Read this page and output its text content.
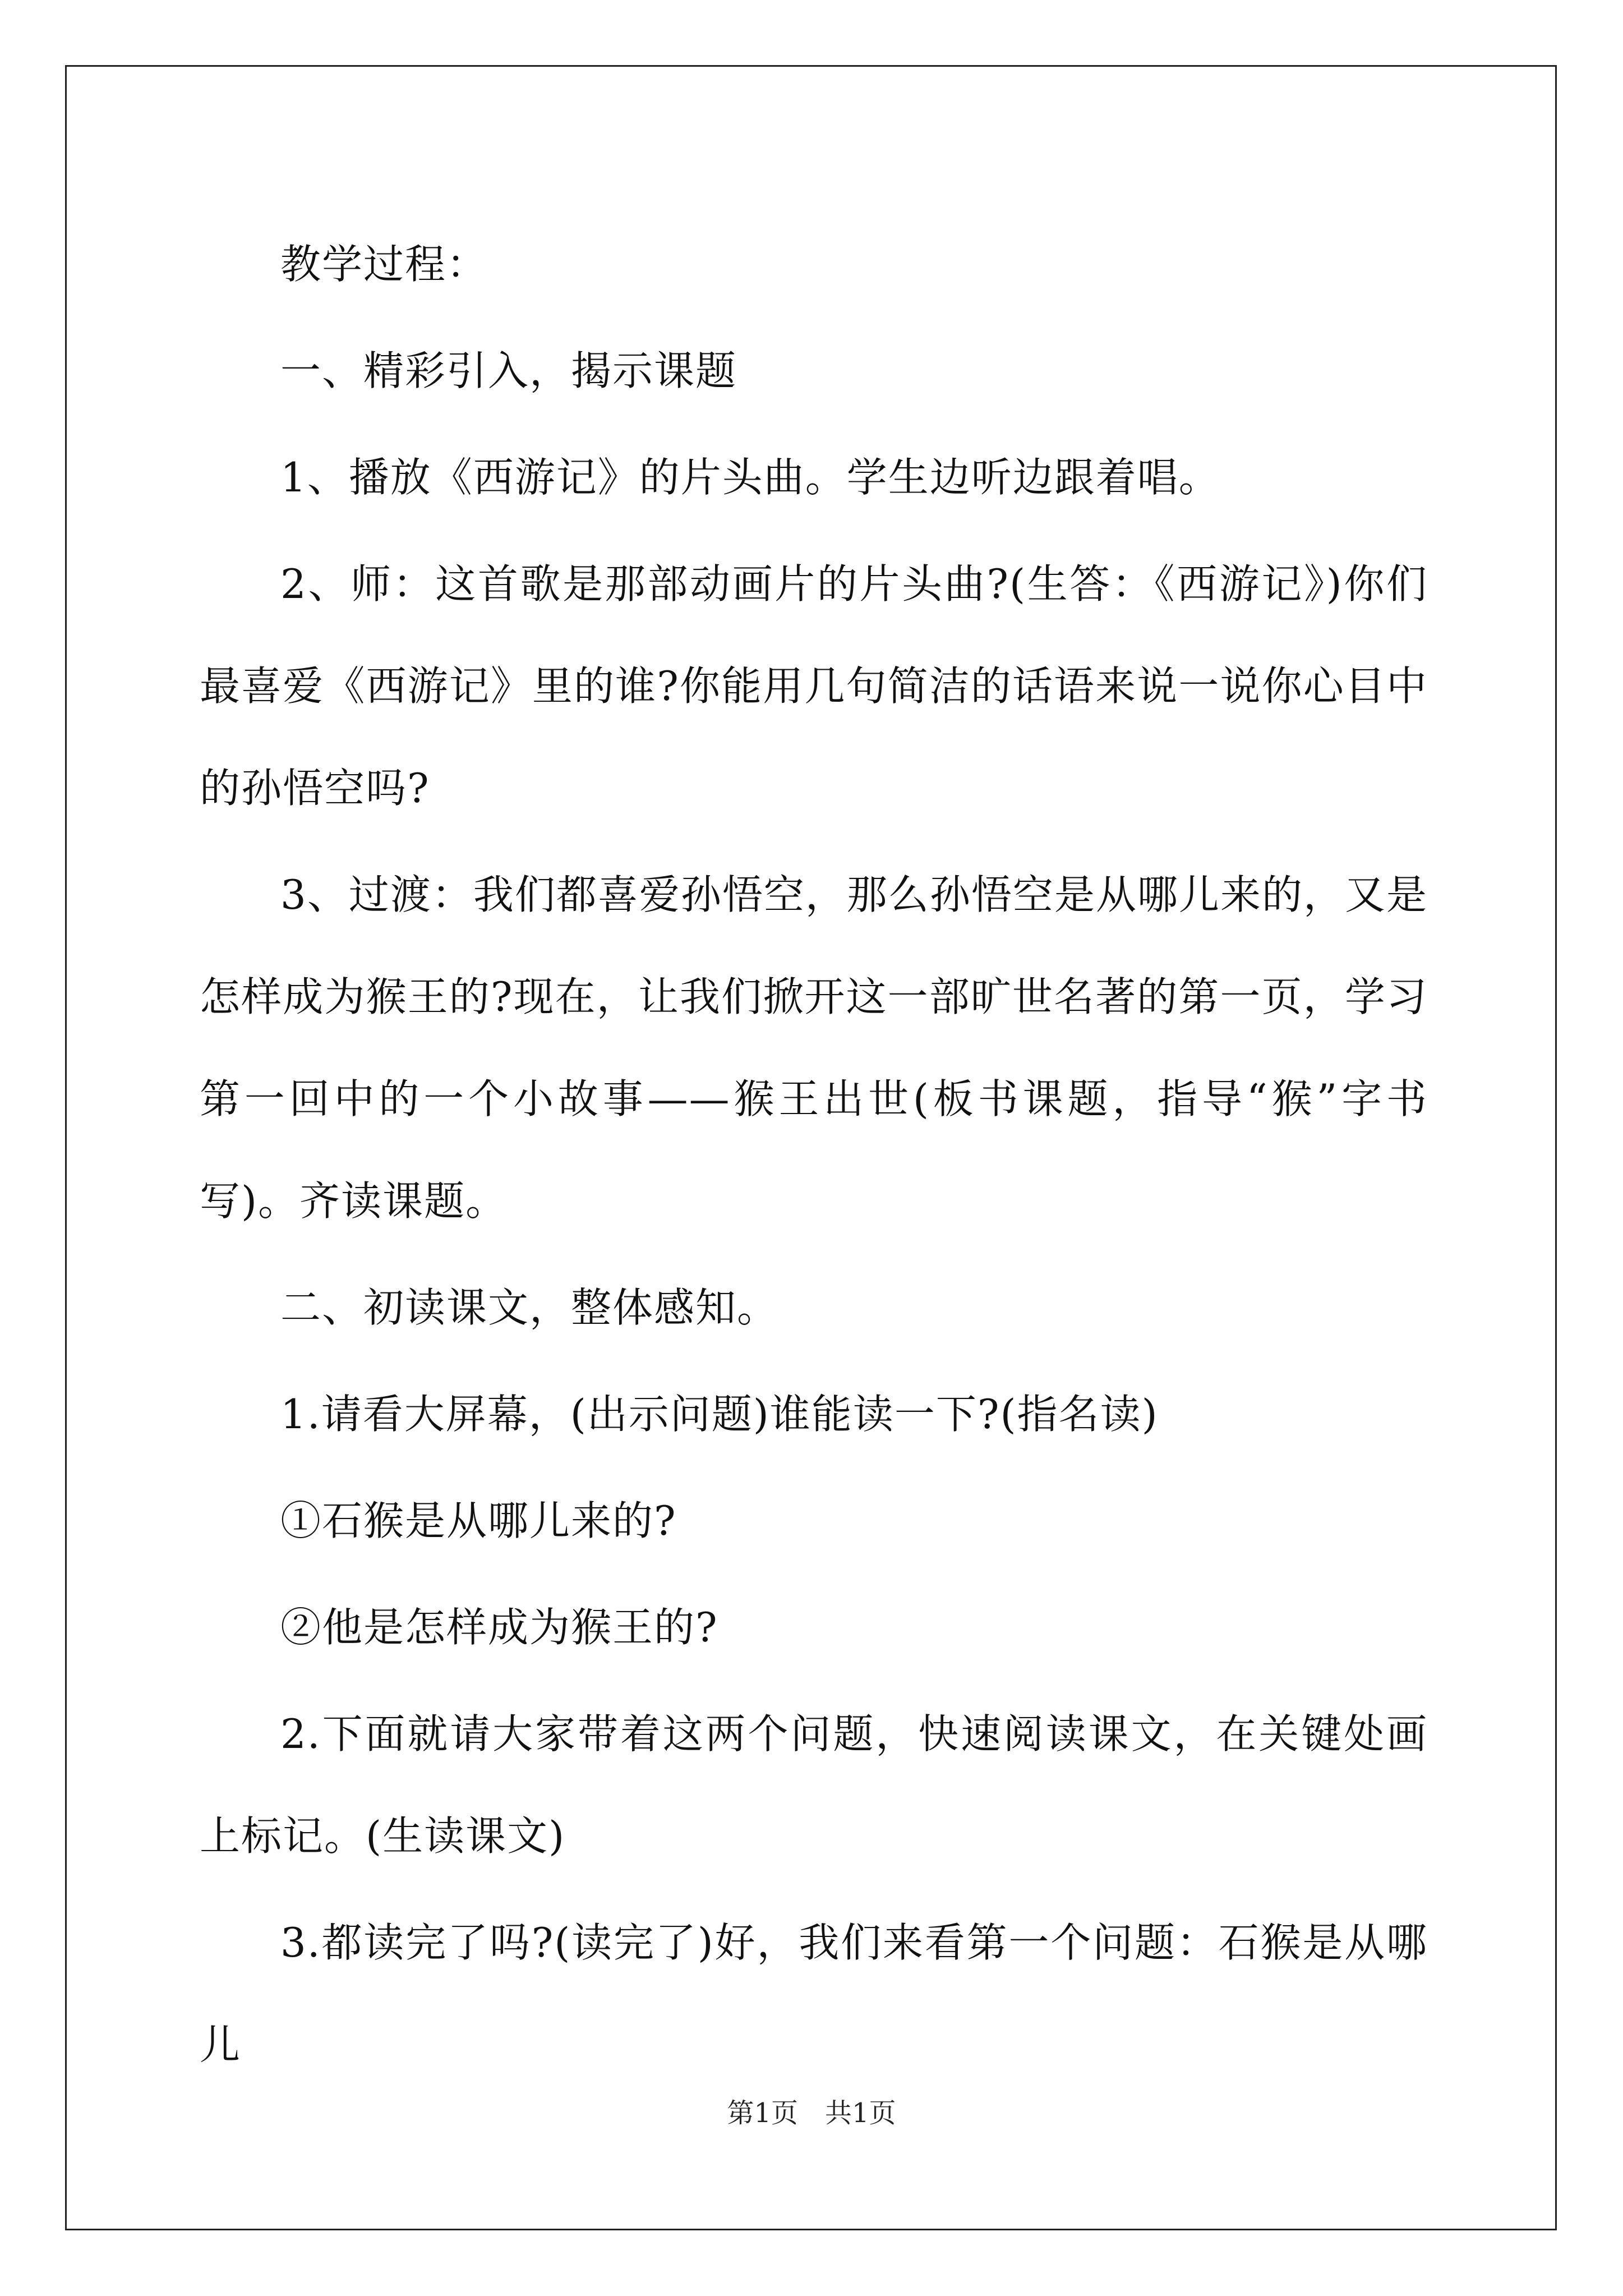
教学过程：

一、精彩引入，揭示课题

1、播放《西游记》的片头曲。学生边听边跟着唱。

2、师：这首歌是那部动画片的片头曲?(生答：《西游记》)你们最喜爱《西游记》里的谁?你能用几句简洁的话语来说一说你心目中的孙悟空吗?

3、过渡：我们都喜爱孙悟空，那么孙悟空是从哪儿来的，又是怎样成为猴王的?现在，让我们掀开这一部旷世名著的第一页，学习第一回中的一个小故事——猴王出世(板书课题，指导“猴”字书写)。齐读课题。

二、初读课文，整体感知。

1.请看大屏幕，(出示问题)谁能读一下?(指名读)

①石猴是从哪儿来的?

②他是怎样成为猴王的?

2.下面就请大家带着这两个问题，快速阅读课文，在关键处画上标记。(生读课文)

3.都读完了吗?(读完了)好，我们来看第一个问题：石猴是从哪儿

第1页　共1页
